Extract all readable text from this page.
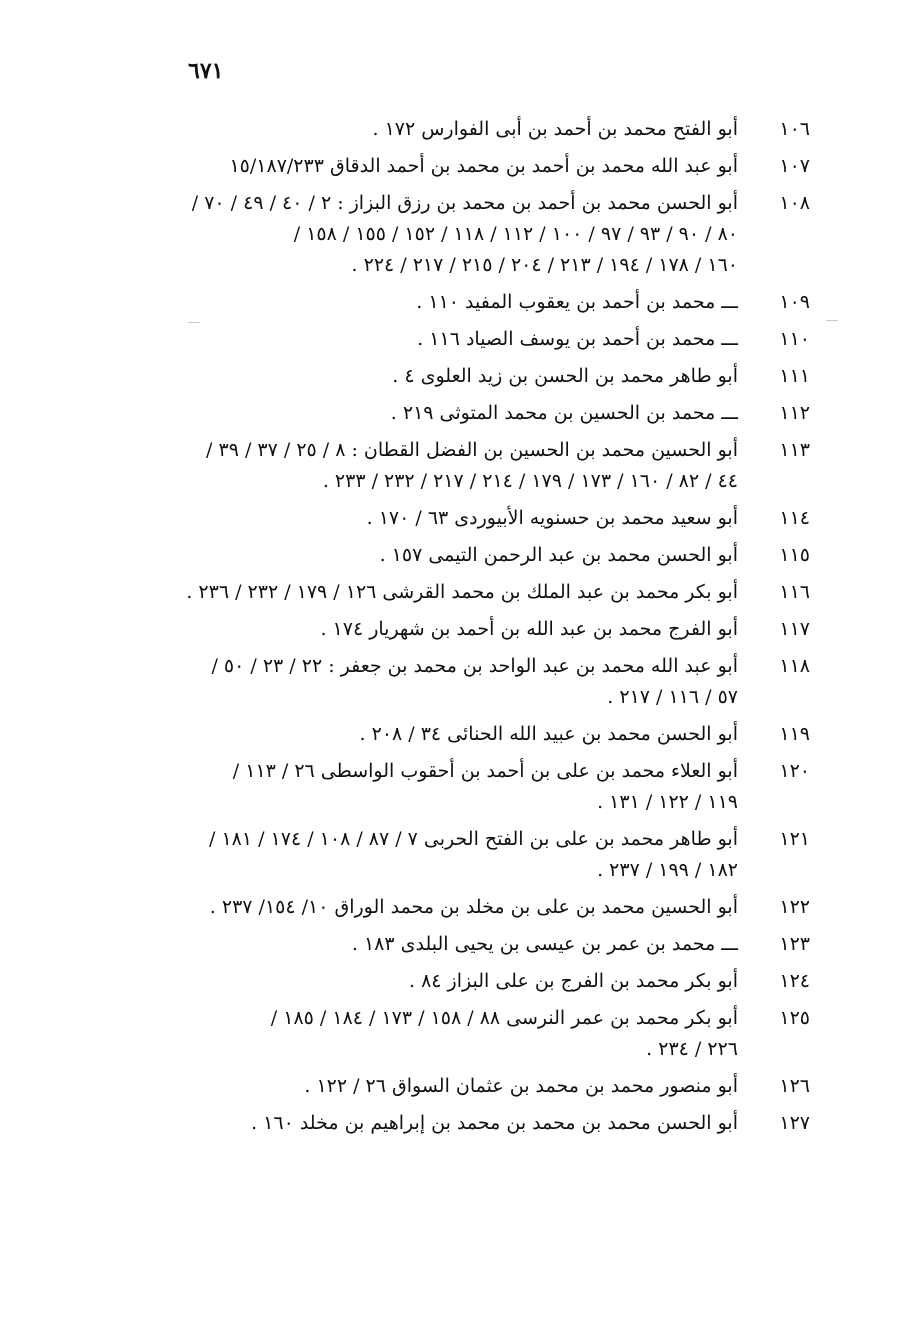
٦٧١
١٠٦
أبو الفتح محمد بن أحمد بن أبى الفوارس ١٧٢ .
١٠٧
أبو عبد الله محمد بن أحمد بن محمد بن أحمد الدقاق ١٥/١٨٧/٢٣٣
١٠٨
أبو الحسن محمد بن أحمد بن محمد بن رزق البزاز : ٢ / ٤٠ / ٤٩ / ٧٠ /
٨٠ / ٩٠ / ٩٣ / ٩٧ / ١٠٠ / ١١٢ / ١١٨ / ١٥٢ / ١٥٥ / ١٥٨ /
١٦٠ / ١٧٨ / ١٩٤ / ٢١٣ / ٢٠٤ / ٢١٥ / ٢١٧ / ٢٢٤ .
١٠٩
ـــ محمد بن أحمد بن يعقوب المفيد ١١٠ .
١١٠
ـــ محمد بن أحمد بن يوسف الصياد ١١٦ .
١١١
أبو طاهر محمد بن الحسن بن زيد العلوى ٤ .
١١٢
ـــ محمد بن الحسين بن محمد المتوثى ٢١٩ .
١١٣
أبو الحسين محمد بن الحسين بن الفضل القطان : ٨ / ٢٥ / ٣٧ / ٣٩ /
٤٤ / ٨٢ / ١٦٠ / ١٧٣ / ١٧٩ / ٢١٤ / ٢١٧ / ٢٣٢ / ٢٣٣ .
١١٤
أبو سعيد محمد بن حسنويه الأبيوردى ٦٣ / ١٧٠ .
١١٥
أبو الحسن محمد بن عبد الرحمن التيمى ١٥٧ .
١١٦
أبو بكر محمد بن عبد الملك بن محمد القرشى ١٢٦ / ١٧٩ / ٢٣٢ / ٢٣٦ .
١١٧
أبو الفرج محمد بن عبد الله بن أحمد بن شهريار ١٧٤ .
١١٨
أبو عبد الله محمد بن عبد الواحد بن محمد بن جعفر : ٢٢ / ٢٣ / ٥٠ /
٥٧ / ١١٦ / ٢١٧ .
١١٩
أبو الحسن محمد بن عبيد الله الحنائى ٣٤ / ٢٠٨ .
١٢٠
أبو العلاء محمد بن على بن أحمد بن أحقوب الواسطى ٢٦ / ١١٣ /
١١٩ / ١٢٢ / ١٣١ .
١٢١
أبو طاهر محمد بن على بن الفتح الحربى ٧ / ٨٧ / ١٠٨ / ١٧٤ / ١٨١ /
١٨٢ / ١٩٩ / ٢٣٧ .
١٢٢
أبو الحسين محمد بن على بن مخلد بن محمد الوراق ١٠/ ١٥٤/ ٢٣٧ .
١٢٣
ـــ محمد بن عمر بن عيسى بن يحيى البلدى ١٨٣ .
١٢٤
أبو بكر محمد بن الفرج بن على البزاز ٨٤ .
١٢٥
أبو بكر محمد بن عمر النرسى ٨٨ / ١٥٨ / ١٧٣ / ١٨٤ / ١٨٥ /
٢٢٦ / ٢٣٤ .
١٢٦
أبو منصور محمد بن محمد بن عثمان السواق ٢٦ / ١٢٢ .
١٢٧
أبو الحسن محمد بن محمد بن محمد بن إبراهيم بن مخلد ١٦٠ .
